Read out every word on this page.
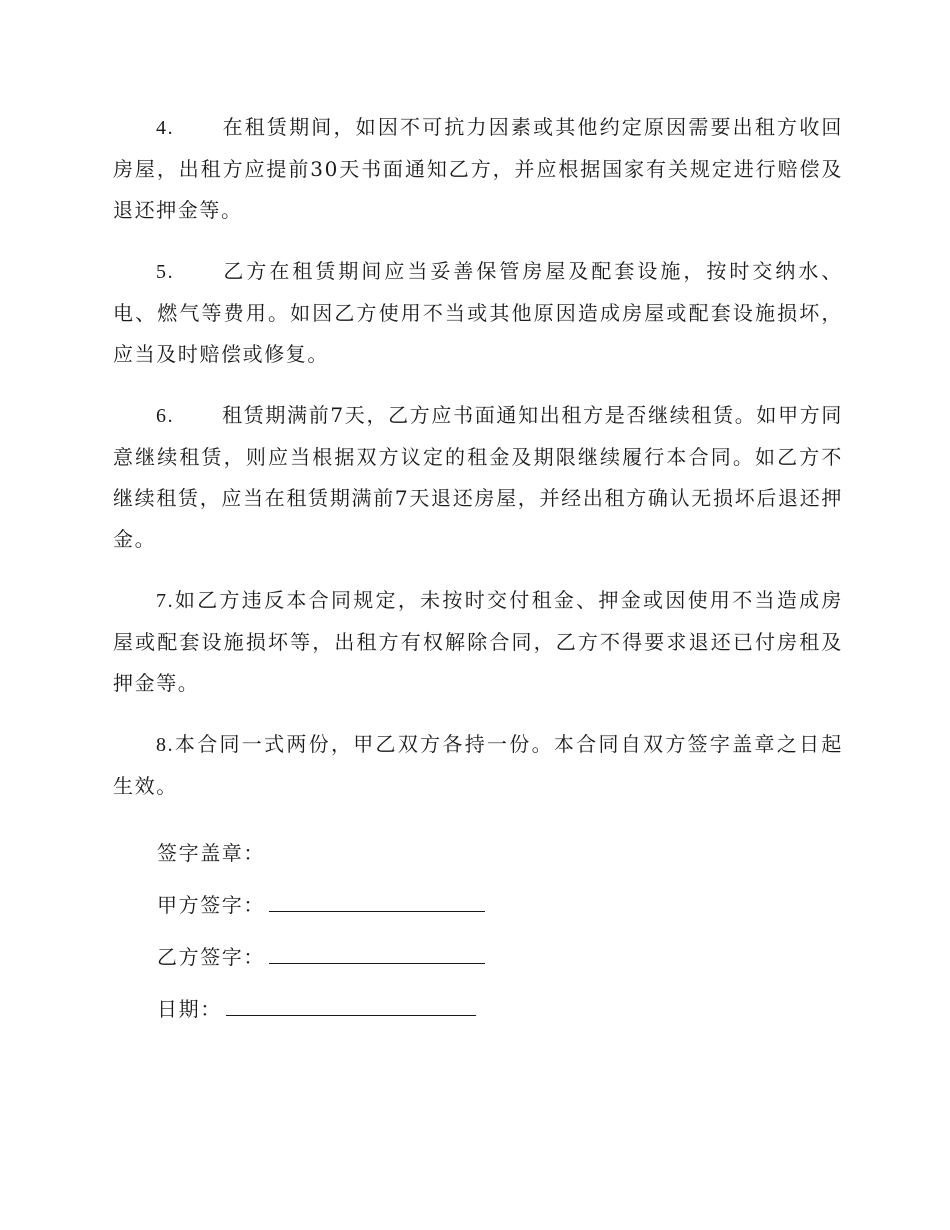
4. 在租赁期间，如因不可抗力因素或其他约定原因需要出租方收回房屋，出租方应提前30天书面通知乙方，并应根据国家有关规定进行赔偿及退还押金等。

5. 乙方在租赁期间应当妥善保管房屋及配套设施，按时交纳水、电、燃气等费用。如因乙方使用不当或其他原因造成房屋或配套设施损坏，应当及时赔偿或修复。

6. 租赁期满前7天，乙方应书面通知出租方是否继续租赁。如甲方同意继续租赁，则应当根据双方议定的租金及期限继续履行本合同。如乙方不继续租赁，应当在租赁期满前7天退还房屋，并经出租方确认无损坏后退还押金。

7.如乙方违反本合同规定，未按时交付租金、押金或因使用不当造成房屋或配套设施损坏等，出租方有权解除合同，乙方不得要求退还已付房租及押金等。

8.本合同一式两份，甲乙双方各持一份。本合同自双方签字盖章之日起生效。

签字盖章：
甲方签字：
乙方签字：
日期：
